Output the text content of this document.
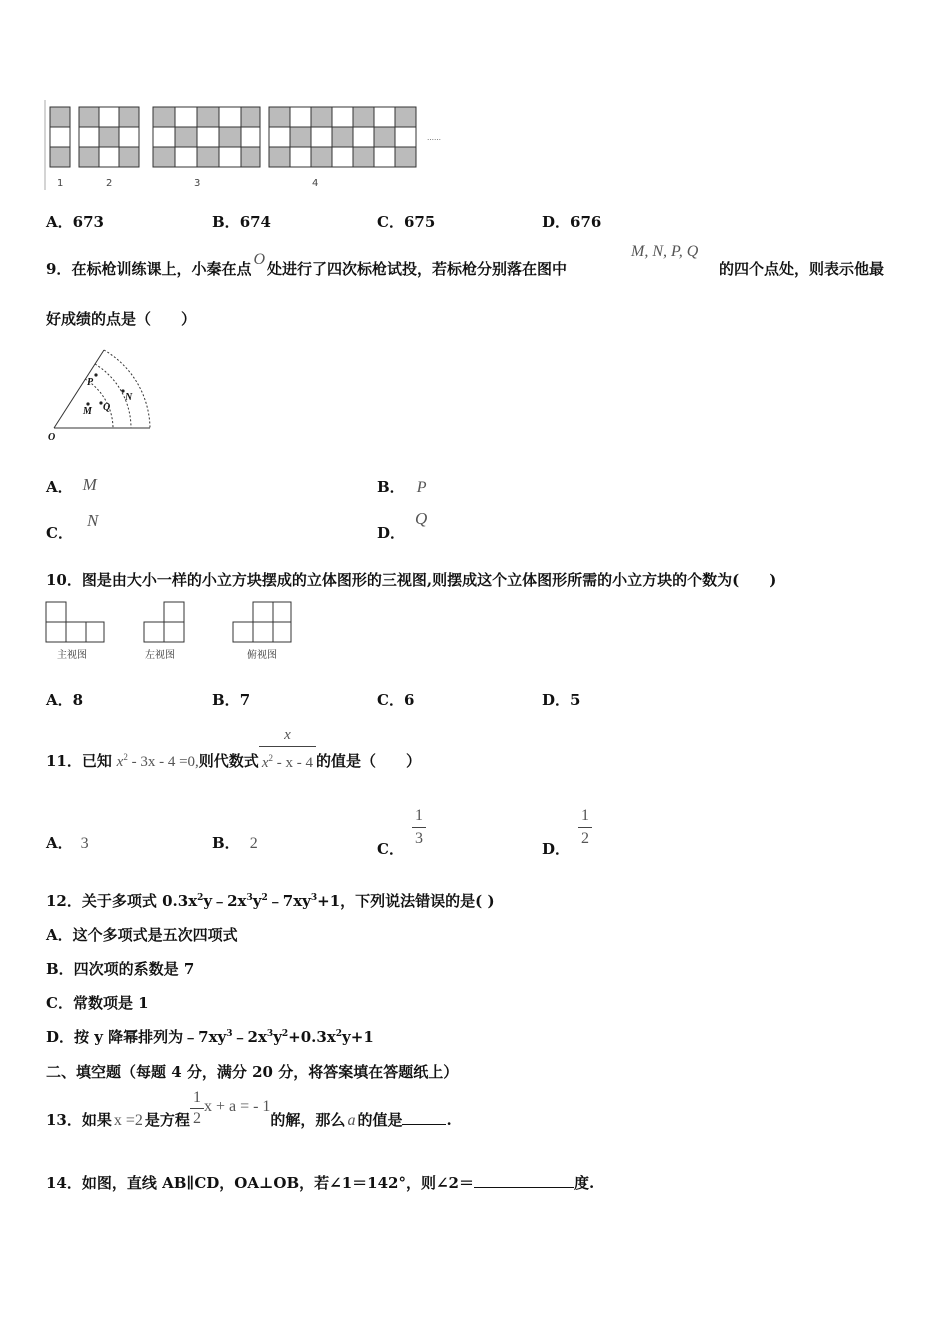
1	2	3	4
……
A．673	B．674	C．675	D．676
9．在标枪训练课上，小秦在点O处进行了四次标枪试投，若标枪分别落在图中
M, N, P, Q
的四个点处，则表示他最
好成绩的点是（　　）
O
P
M Q
N
A． M	B． P
C．N
D．Q
10．图是由大小一样的小立方块摆成的立体图形的三视图,则摆成这个立体图形所需的小立方块的个数为(　　)
主视图	左视图	俯视图
A．8	B．7	C．6	D．5
11．已知 $x^2 - 3x - 4 =0$,则代数式 $\frac{x}{x^2 - x - 4}$ 的值是（　　）
A． 3	B． 2	C． $\frac{1}{3}$	D． $\frac{1}{2}$
12．关于多项式 $0.3x^2y﹣2x^3y^2﹣7xy^3+1$，下列说法错误的是( )
A．这个多项式是五次四项式
B．四次项的系数是 7
C．常数项是 1
D．按 y 降幂排列为$﹣7xy^3﹣2x^3y^2+0.3x^2y+1$
二、填空题（每题 4 分，满分 20 分，将答案填在答题纸上）
13．如果 x =2 是方程 $\frac{1}{2}$ x + a = - 1的解，那么 a 的值是	.
14．如图，直线 AB∥CD，OA⊥OB，若∠1＝142°，则∠2＝	度.
